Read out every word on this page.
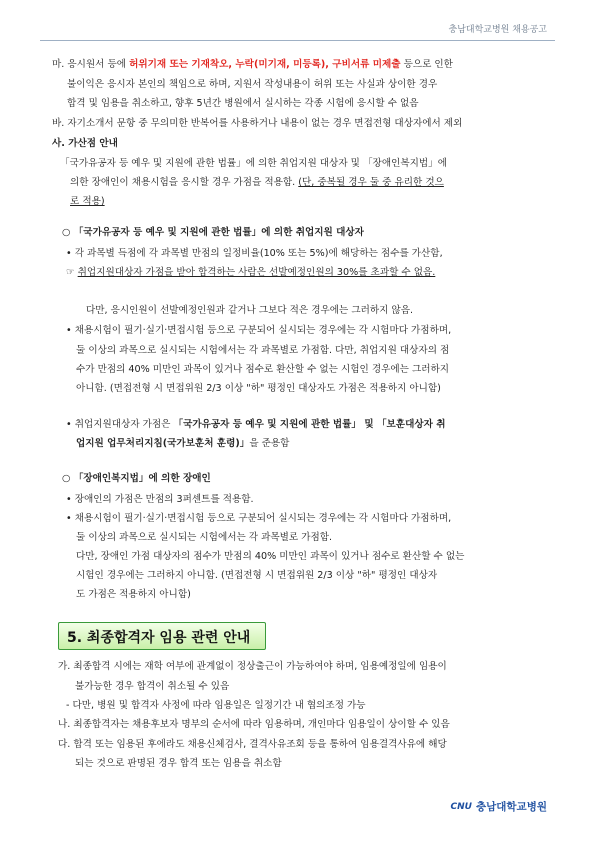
충남대학교병원 채용공고
마. 응시원서 등에 허위기재 또는 기재착오, 누락(미기재, 미등록), 구비서류 미제출 등으로 인한
불이익은 응시자 본인의 책임으로 하며, 지원서 작성내용이 허위 또는 사실과 상이한 경우
합격 및 임용을 취소하고, 향후 5년간 병원에서 실시하는 각종 시험에 응시할 수 없음
바. 자기소개서 문항 중 무의미한 반복어를 사용하거나 내용이 없는 경우 면접전형 대상자에서 제외
사. 가산점 안내
「국가유공자 등 예우 및 지원에 관한 법률」에 의한 취업지원 대상자 및 「장애인복지법」에
의한 장애인이 채용시험을 응시할 경우 가점을 적용함. (단, 중복될 경우 둘 중 유리한 것으
로 적용)
○ 「국가유공자 등 예우 및 지원에 관한 법률」에 의한 취업지원 대상자
• 각 과목별 득점에 각 과목별 만점의 일정비율(10% 또는 5%)에 해당하는 점수를 가산함,
☞ 취업지원대상자 가점을 받아 합격하는 사람은 선발예정인원의 30%를 초과할 수 없음.
다만, 응시인원이 선발예정인원과 같거나 그보다 적은 경우에는 그러하지 않음.
• 채용시험이 필기·실기·면접시험 등으로 구분되어 실시되는 경우에는 각 시험마다 가점하며,
둘 이상의 과목으로 실시되는 시험에서는 각 과목별로 가점함. 다만, 취업지원 대상자의 점
수가 만점의 40% 미만인 과목이 있거나 점수로 환산할 수 없는 시험인 경우에는 그러하지
아니함. (면접전형 시 면접위원 2/3 이상 "하" 평정인 대상자도 가점은 적용하지 아니함)
• 취업지원대상자 가점은 「국가유공자 등 예우 및 지원에 관한 법률」 및 「보훈대상자 취
업지원 업무처리지침(국가보훈처 훈령)」을 준용함
○ 「장애인복지법」에 의한 장애인
• 장애인의 가점은 만점의 3퍼센트를 적용함.
• 채용시험이 필기·실기·면접시험 등으로 구분되어 실시되는 경우에는 각 시험마다 가점하며,
둘 이상의 과목으로 실시되는 시험에서는 각 과목별로 가점함.
다만, 장애인 가점 대상자의 점수가 만점의 40% 미만인 과목이 있거나 점수로 환산할 수 없는
시험인 경우에는 그러하지 아니함. (면접전형 시 면접위원 2/3 이상 "하" 평정인 대상자
도 가점은 적용하지 아니함)
5. 최종합격자 임용 관련 안내
가. 최종합격 시에는 재학 여부에 관계없이 정상출근이 가능하여야 하며, 임용예정일에 임용이
불가능한 경우 합격이 취소될 수 있음
- 다만, 병원 및 합격자 사정에 따라 임용일은 일정기간 내 협의조정 가능
나. 최종합격자는 채용후보자 명부의 순서에 따라 임용하며, 개인마다 임용일이 상이할 수 있음
다. 합격 또는 임용된 후에라도 채용신체검사, 결격사유조회 등을 통하여 임용결격사유에 해당
되는 것으로 판명된 경우 합격 또는 임용을 취소함
CNU 충남대학교병원
